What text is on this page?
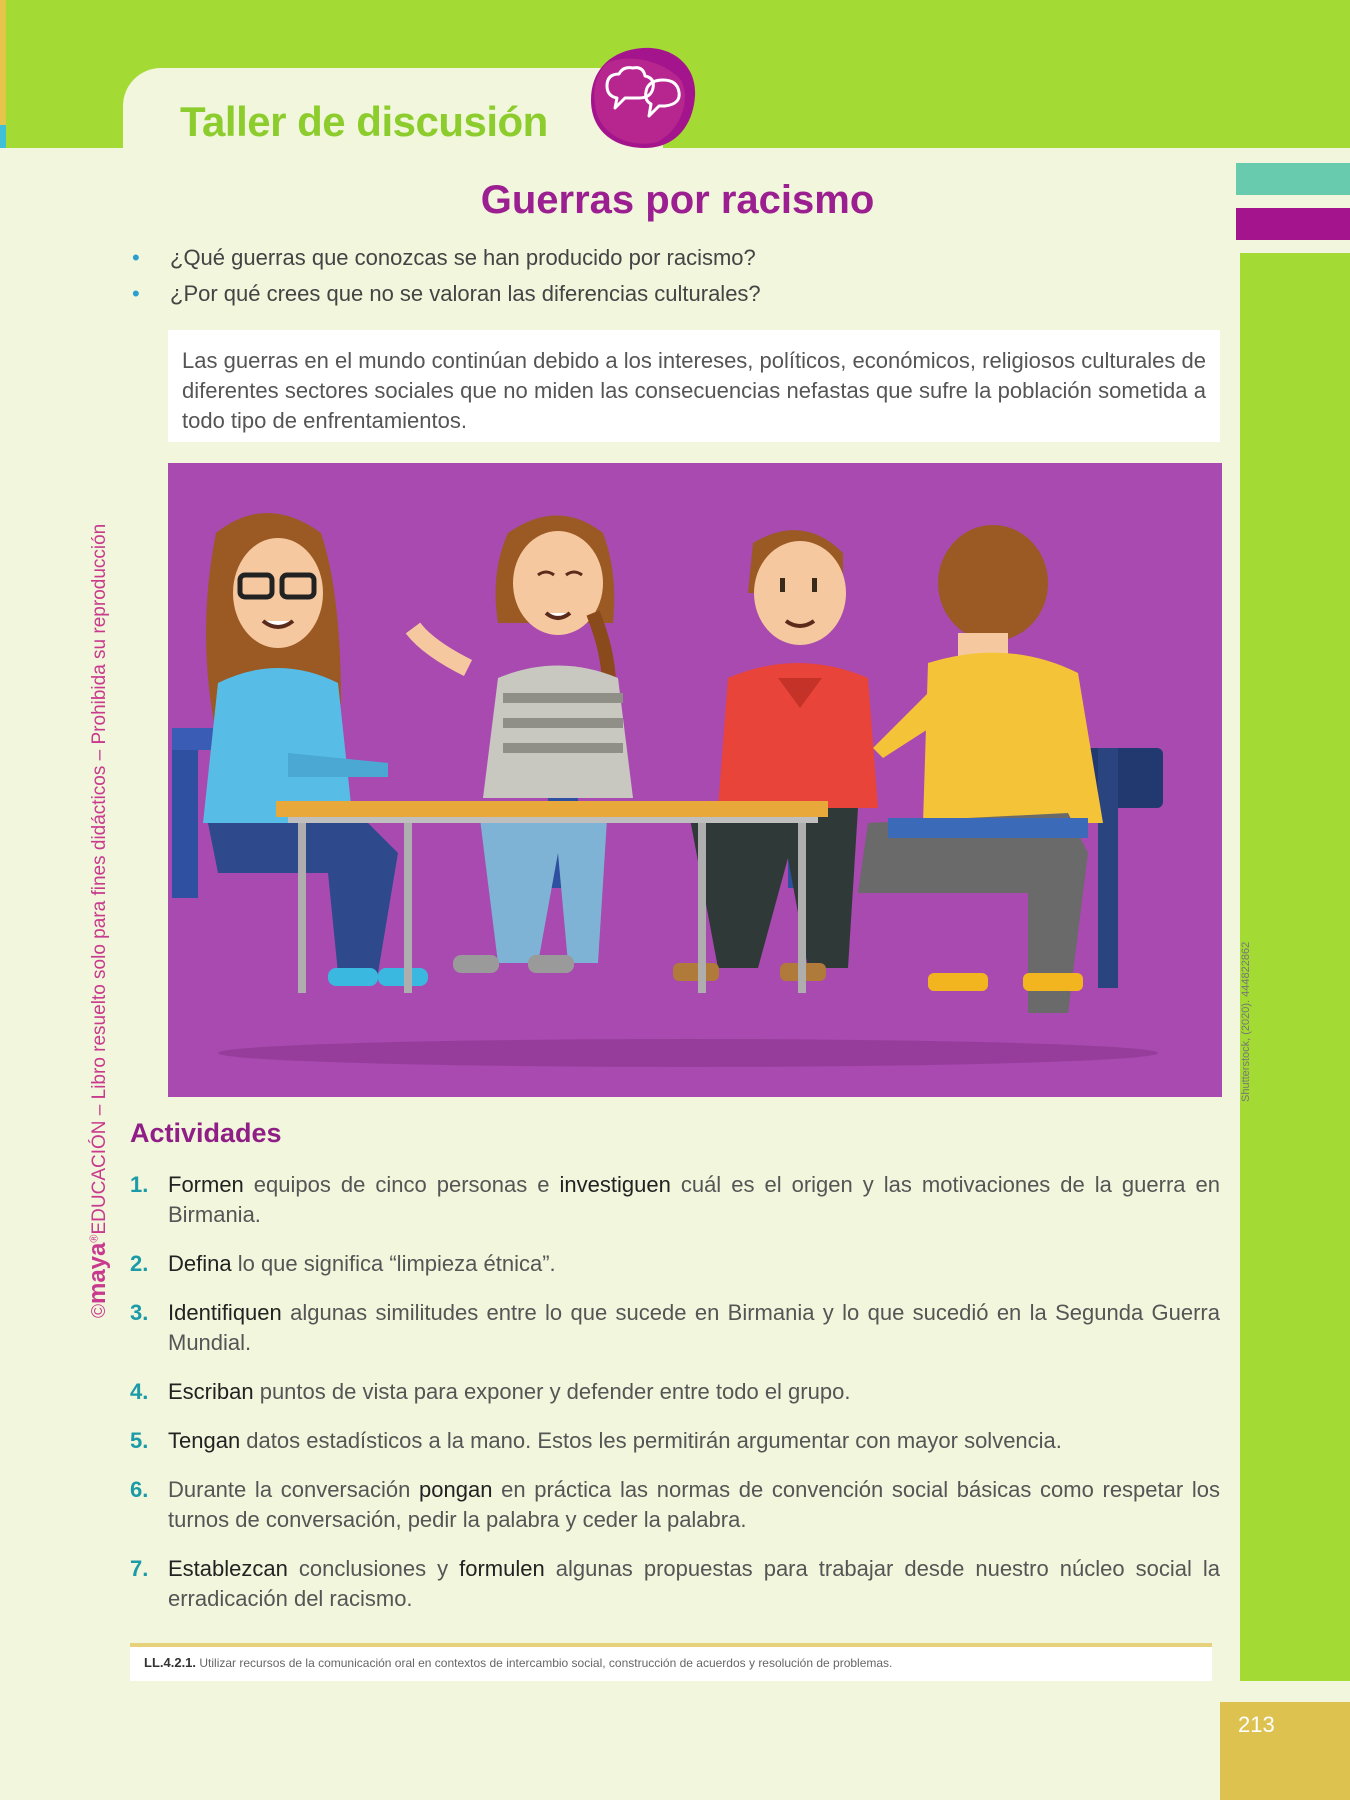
Taller de discusión
213
©maya®EDUCACIÓN – Libro resuelto solo para fines didácticos – Prohibida su reproducción
Guerras por racismo
• ¿Qué guerras que conozcas se han producido por racismo?
• ¿Por qué crees que no se valoran las diferencias culturales?
Las guerras en el mundo continúan debido a los intereses, políticos, económicos, religiosos culturales de diferentes sectores sociales que no miden las consecuencias nefastas que sufre la población sometida a todo tipo de enfrentamientos.
Shutterstock, (2020). 444822862
Actividades
1. Formen equipos de cinco personas e investiguen cuál es el origen y las motivaciones de la guerra en Birmania.
2. Defina lo que significa “limpieza étnica”.
3. Identifiquen algunas similitudes entre lo que sucede en Birmania y lo que sucedió en la Segunda Guerra Mundial.
4. Escriban puntos de vista para exponer y defender entre todo el grupo.
5. Tengan datos estadísticos a la mano. Estos les permitirán argumentar con mayor solvencia.
6. Durante la conversación pongan en práctica las normas de convención social básicas como respetar los turnos de conversación, pedir la palabra y ceder la palabra.
7. Establezcan conclusiones y formulen algunas propuestas para trabajar desde nuestro núcleo social la erradicación del racismo.
LL.4.2.1. Utilizar recursos de la comunicación oral en contextos de intercambio social, construcción de acuerdos y resolución de problemas.
